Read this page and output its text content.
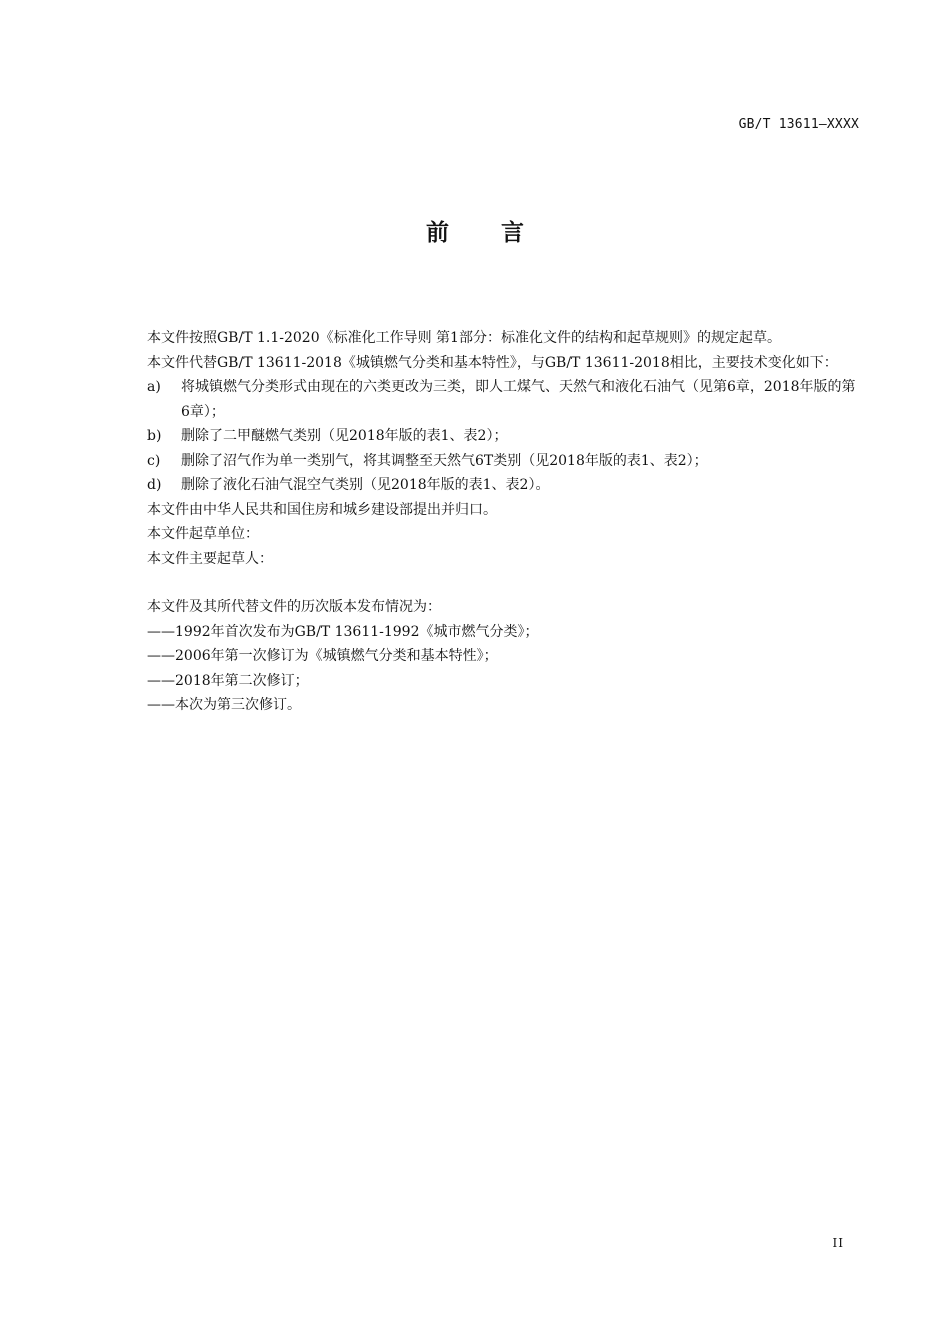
GB/T 13611—XXXX
前 言

本文件按照GB/T 1.1-2020《标准化工作导则 第1部分：标准化文件的结构和起草规则》的规定起草。

本文件代替GB/T 13611-2018《城镇燃气分类和基本特性》，与GB/T 13611-2018相比，主要技术变化如下：

a)	将城镇燃气分类形式由现在的六类更改为三类，即人工煤气、天然气和液化石油气（见第6章，2018年版的第6章）；
b)	删除了二甲醚燃气类别（见2018年版的表1、表2）；
c)	删除了沼气作为单一类别气，将其调整至天然气6T类别（见2018年版的表1、表2）；
d)	删除了液化石油气混空气类别（见2018年版的表1、表2）。

本文件由中华人民共和国住房和城乡建设部提出并归口。

本文件起草单位：

本文件主要起草人：

本文件及其所代替文件的历次版本发布情况为：

——1992年首次发布为GB/T 13611-1992《城市燃气分类》；

——2006年第一次修订为《城镇燃气分类和基本特性》；

——2018年第二次修订；

——本次为第三次修订。

II
